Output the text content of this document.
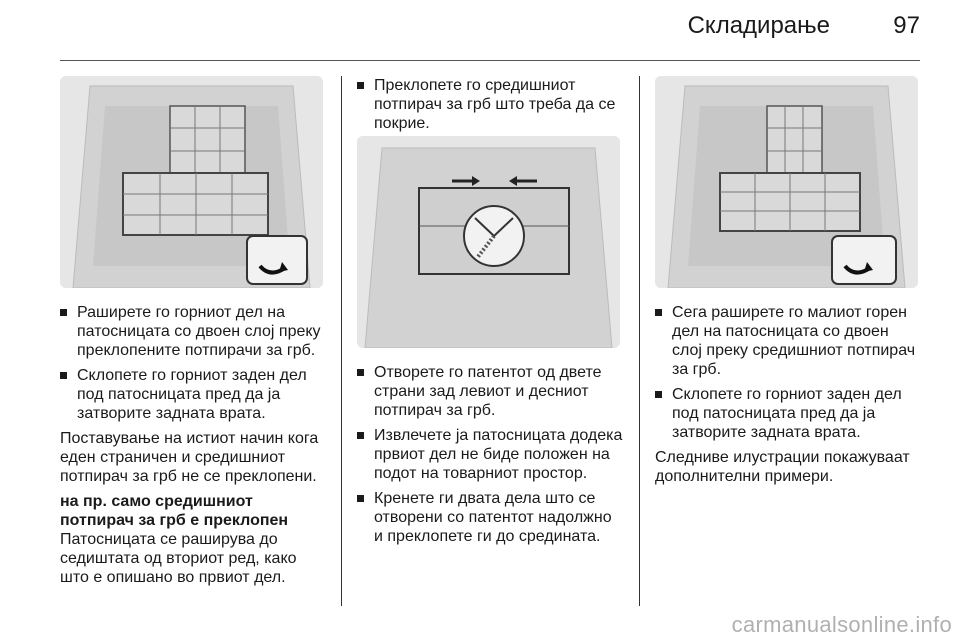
Складирање	97

Раширете го горниот дел на патосницата со двоен слој преку преклопените потпирачи за грб.

Склопете го горниот заден дел под патосницата пред да ја затворите задната врата.

Поставување на истиот начин кога еден страничен и средишниот потпирач за грб не се преклопени.

на пр. само средишниот потпирач за грб е преклопен

Патосницата се раширува до седиштата од вториот ред, како што е опишано во првиот дел.

Преклопете го средишниот потпирач за грб што треба да се покрие.

Отворете го патентот од двете страни зад левиот и десниот потпирач за грб.

Извлечете ја патосницата додека првиот дел не биде положен на подот на товарниот простор.

Кренете ги двата дела што се отворени со патентот надолжно и преклопете ги до средината.

Сега раширете го малиот горен дел на патосницата со двоен слој преку средишниот потпирач за грб.

Склопете го горниот заден дел под патосницата пред да ја затворите задната врата.

Следниве илустрации покажуваат дополнителни примери.

carmanualsonline.info
